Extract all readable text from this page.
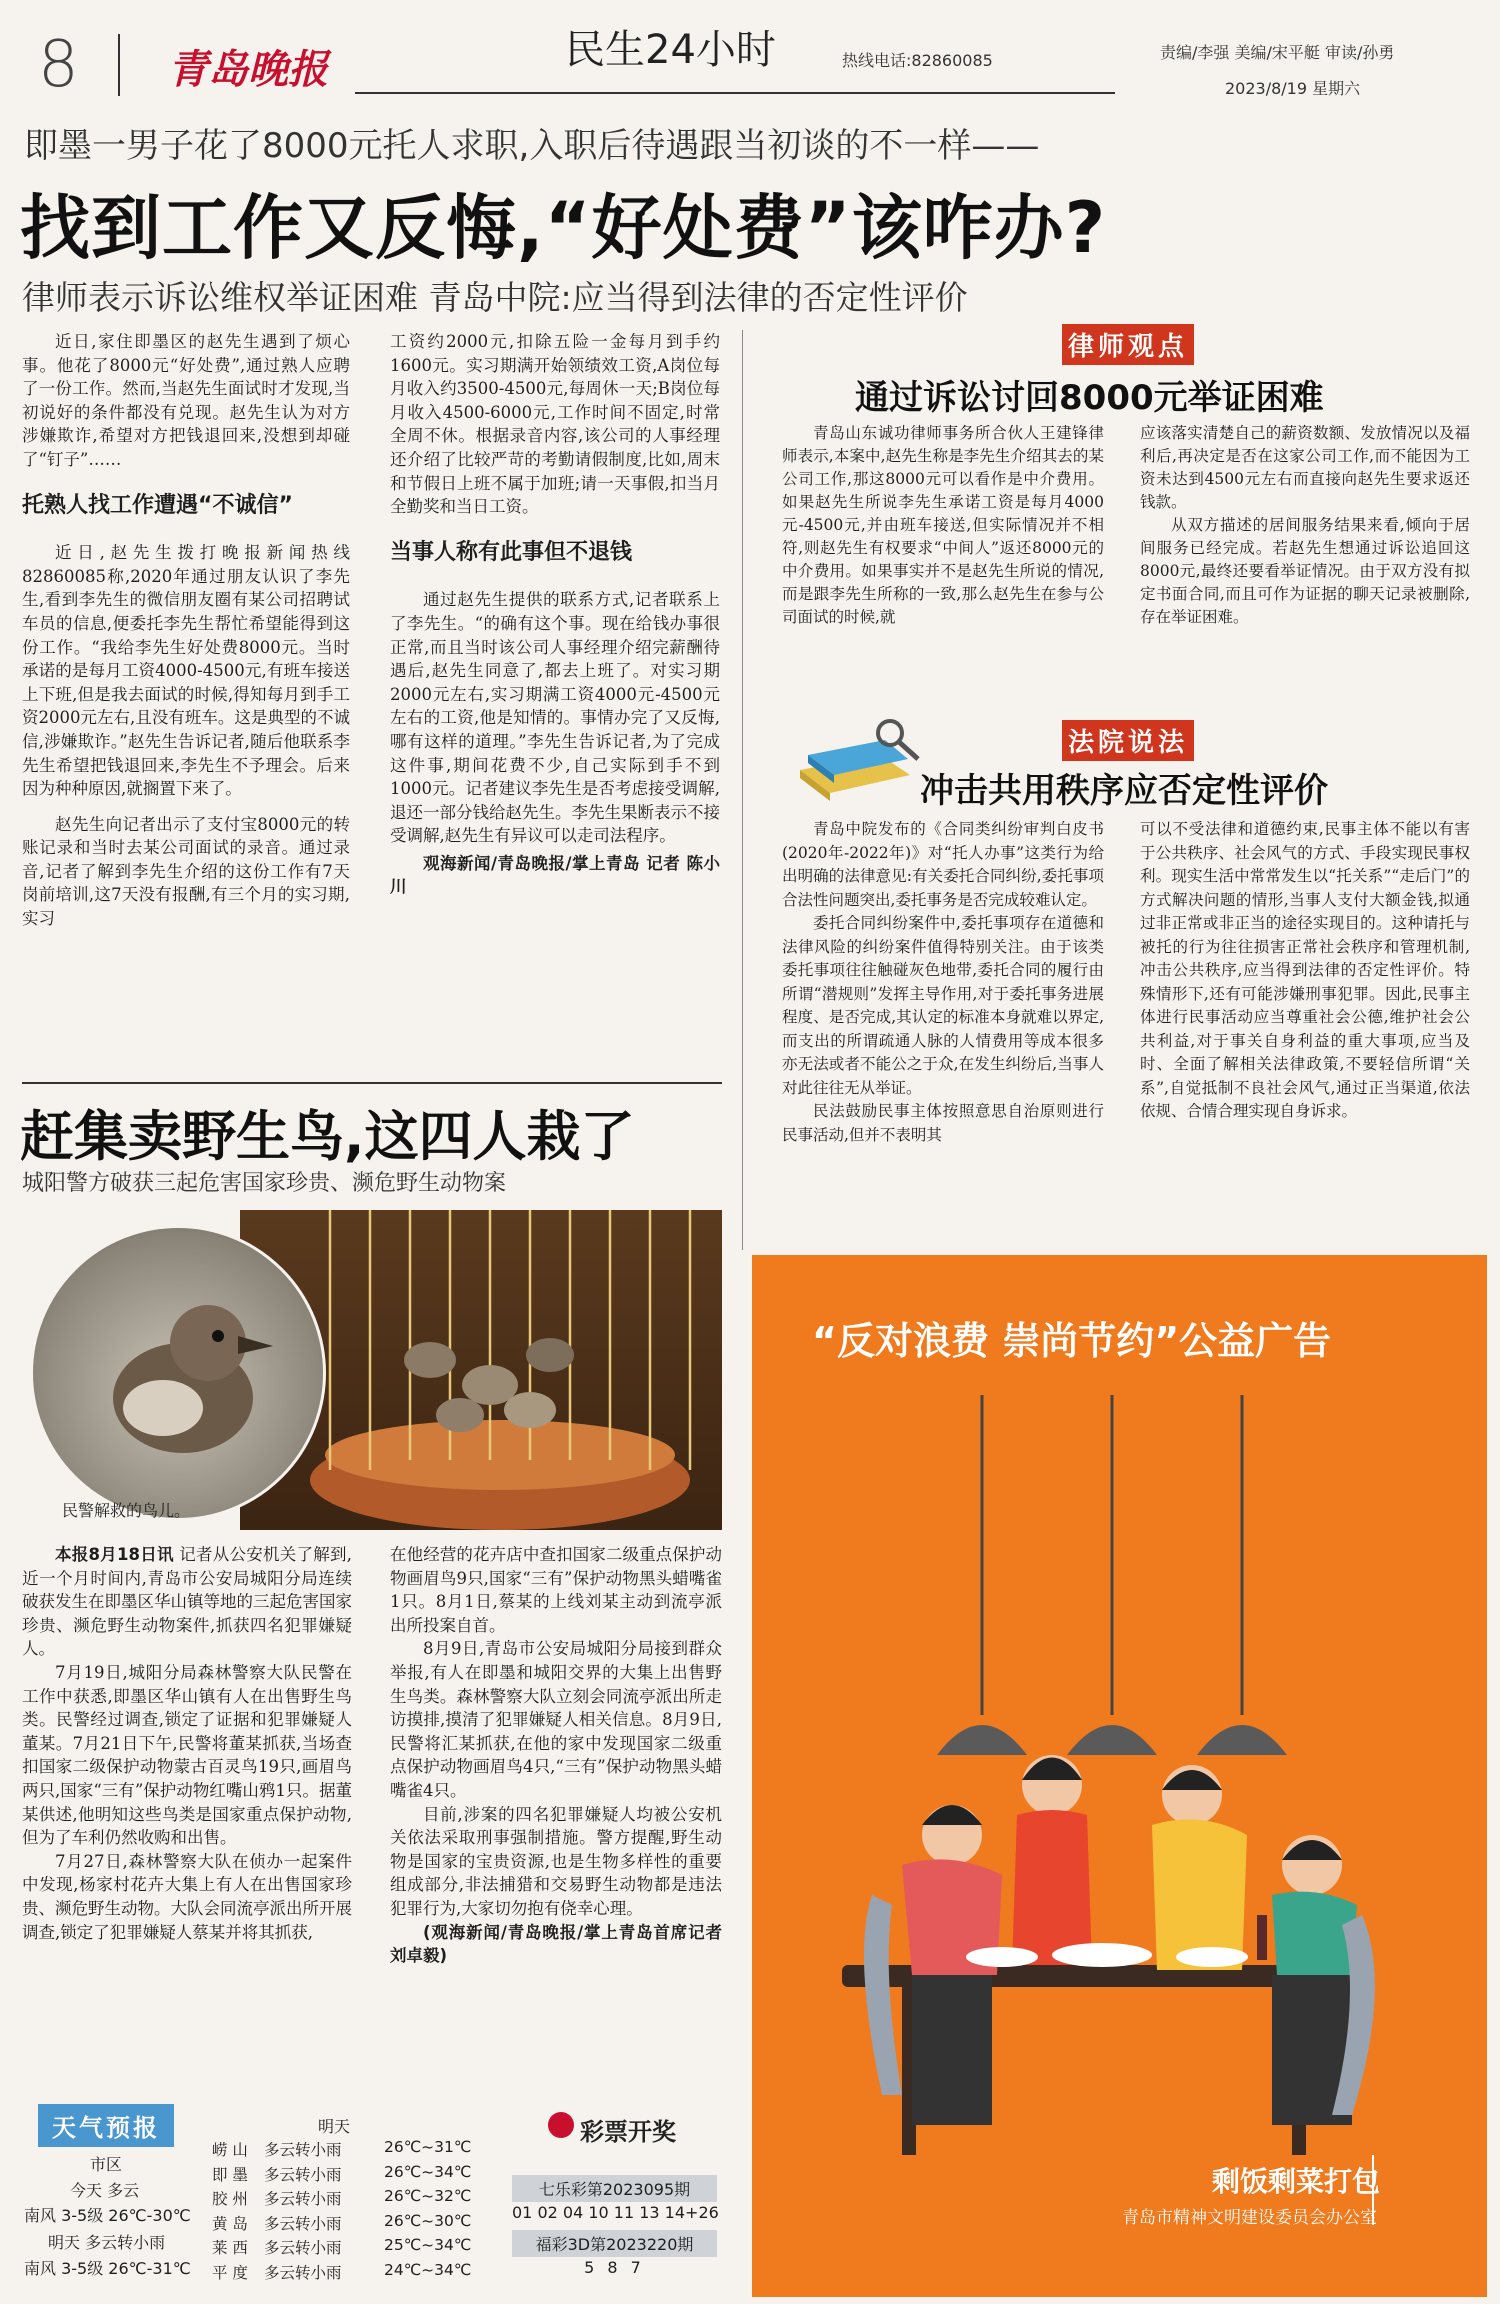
8 青岛晚报	民生24小时	热线电话:82860085	责编/李强 美编/宋平艇 审读/孙勇
2023/8/19 星期六
即墨一男子花了8000元托人求职,入职后待遇跟当初谈的不一样——
找到工作又反悔,“好处费”该咋办?
律师表示诉讼维权举证困难 青岛中院:应当得到法律的否定性评价

近日,家住即墨区的赵先生遇到了烦心事。他花了8000元“好处费”,通过熟人应聘了一份工作。然而,当赵先生面试时才发现,当初说好的条件都没有兑现。赵先生认为对方涉嫌欺诈,希望对方把钱退回来,没想到却碰了“钉子”……

托熟人找工作遭遇“不诚信”

近日,赵先生拨打晚报新闻热线82860085称,2020年通过朋友认识了李先生,看到李先生的微信朋友圈有某公司招聘试车员的信息,便委托李先生帮忙希望能得到这份工作。“我给李先生好处费8000元。当时承诺的是每月工资4000-4500元,有班车接送上下班,但是我去面试的时候,得知每月到手工资2000元左右,且没有班车。这是典型的不诚信,涉嫌欺诈。”赵先生告诉记者,随后他联系李先生希望把钱退回来,李先生不予理会。后来因为种种原因,就搁置下来了。

赵先生向记者出示了支付宝8000元的转账记录和当时去某公司面试的录音。通过录音,记者了解到李先生介绍的这份工作有7天岗前培训,这7天没有报酬,有三个月的实习期,实习

工资约2000元,扣除五险一金每月到手约1600元。实习期满开始领绩效工资,A岗位每月收入约3500-4500元,每周休一天;B岗位每月收入4500-6000元,工作时间不固定,时常全周不休。根据录音内容,该公司的人事经理还介绍了比较严苛的考勤请假制度,比如,周末和节假日上班不属于加班;请一天事假,扣当月全勤奖和当日工资。

当事人称有此事但不退钱

通过赵先生提供的联系方式,记者联系上了李先生。“的确有这个事。现在给钱办事很正常,而且当时该公司人事经理介绍完薪酬待遇后,赵先生同意了,都去上班了。对实习期2000元左右,实习期满工资4000元-4500元左右的工资,他是知情的。事情办完了又反悔,哪有这样的道理。”李先生告诉记者,为了完成这件事,期间花费不少,自己实际到手不到1000元。记者建议李先生是否考虑接受调解,退还一部分钱给赵先生。李先生果断表示不接受调解,赵先生有异议可以走司法程序。

观海新闻/青岛晚报/掌上青岛 记者 陈小川

律师观点
通过诉讼讨回8000元举证困难

青岛山东诚功律师事务所合伙人王建锋律师表示,本案中,赵先生称是李先生介绍其去的某公司工作,那这8000元可以看作是中介费用。如果赵先生所说李先生承诺工资是每月4000元-4500元,并由班车接送,但实际情况并不相符,则赵先生有权要求“中间人”返还8000元的中介费用。如果事实并不是赵先生所说的情况,而是跟李先生所称的一致,那么赵先生在参与公司面试的时候,就

应该落实清楚自己的薪资数额、发放情况以及福利后,再决定是否在这家公司工作,而不能因为工资未达到4500元左右而直接向赵先生要求返还钱款。

从双方描述的居间服务结果来看,倾向于居间服务已经完成。若赵先生想通过诉讼追回这8000元,最终还要看举证情况。由于双方没有拟定书面合同,而且可作为证据的聊天记录被删除,存在举证困难。

法院说法
冲击共用秩序应否定性评价

青岛中院发布的《合同类纠纷审判白皮书(2020年-2022年)》对“托人办事”这类行为给出明确的法律意见:有关委托合同纠纷,委托事项合法性问题突出,委托事务是否完成较难认定。

委托合同纠纷案件中,委托事项存在道德和法律风险的纠纷案件值得特别关注。由于该类委托事项往往触碰灰色地带,委托合同的履行由所谓“潜规则”发挥主导作用,对于委托事务进展程度、是否完成,其认定的标准本身就难以界定,而支出的所谓疏通人脉的人情费用等成本很多亦无法或者不能公之于众,在发生纠纷后,当事人对此往往无从举证。

民法鼓励民事主体按照意思自治原则进行民事活动,但并不表明其

可以不受法律和道德约束,民事主体不能以有害于公共秩序、社会风气的方式、手段实现民事权利。现实生活中常常发生以“托关系”“走后门”的方式解决问题的情形,当事人支付大额金钱,拟通过非正常或非正当的途径实现目的。这种请托与被托的行为往往损害正常社会秩序和管理机制,冲击公共秩序,应当得到法律的否定性评价。特殊情形下,还有可能涉嫌刑事犯罪。因此,民事主体进行民事活动应当尊重社会公德,维护社会公共利益,对于事关自身利益的重大事项,应当及时、全面了解相关法律政策,不要轻信所谓“关系”,自觉抵制不良社会风气,通过正当渠道,依法依规、合情合理实现自身诉求。

赶集卖野生鸟,这四人栽了
城阳警方破获三起危害国家珍贵、濒危野生动物案
民警解救的鸟儿。

本报8月18日讯 记者从公安机关了解到,近一个月时间内,青岛市公安局城阳分局连续破获发生在即墨区华山镇等地的三起危害国家珍贵、濒危野生动物案件,抓获四名犯罪嫌疑人。

7月19日,城阳分局森林警察大队民警在工作中获悉,即墨区华山镇有人在出售野生鸟类。民警经过调查,锁定了证据和犯罪嫌疑人董某。7月21日下午,民警将董某抓获,当场查扣国家二级保护动物蒙古百灵鸟19只,画眉鸟两只,国家“三有”保护动物红嘴山鸦1只。据董某供述,他明知这些鸟类是国家重点保护动物,但为了车利仍然收购和出售。

7月27日,森林警察大队在侦办一起案件中发现,杨家村花卉大集上有人在出售国家珍贵、濒危野生动物。大队会同流亭派出所开展调查,锁定了犯罪嫌疑人蔡某并将其抓获,

在他经营的花卉店中查扣国家二级重点保护动物画眉鸟9只,国家“三有”保护动物黑头蜡嘴雀1只。8月1日,蔡某的上线刘某主动到流亭派出所投案自首。

8月9日,青岛市公安局城阳分局接到群众举报,有人在即墨和城阳交界的大集上出售野生鸟类。森林警察大队立刻会同流亭派出所走访摸排,摸清了犯罪嫌疑人相关信息。8月9日,民警将汇某抓获,在他的家中发现国家二级重点保护动物画眉鸟4只,“三有”保护动物黑头蜡嘴雀4只。

目前,涉案的四名犯罪嫌疑人均被公安机关依法采取刑事强制措施。警方提醒,野生动物是国家的宝贵资源,也是生物多样性的重要组成部分,非法捕猎和交易野生动物都是违法犯罪行为,大家切勿抱有侥幸心理。

(观海新闻/青岛晚报/掌上青岛首席记者 刘卓毅)

“反对浪费 崇尚节约”公益广告
剩饭剩菜打包
青岛市精神文明建设委员会办公室
天气预报
市区
今天 多云
南风 3-5级 26℃-30℃
明天 多云转小雨
南风 3-5级 26℃-31℃
明天
崂 山	多云转小雨	26℃~31℃
即 墨	多云转小雨	26℃~34℃
胶 州	多云转小雨	26℃~32℃
黄 岛	多云转小雨	26℃~30℃
莱 西	多云转小雨	25℃~34℃
平 度	多云转小雨	24℃~34℃
彩票开奖
七乐彩第2023095期
01 02 04 10 11 13 14+26
福彩3D第2023220期
5 8 7
